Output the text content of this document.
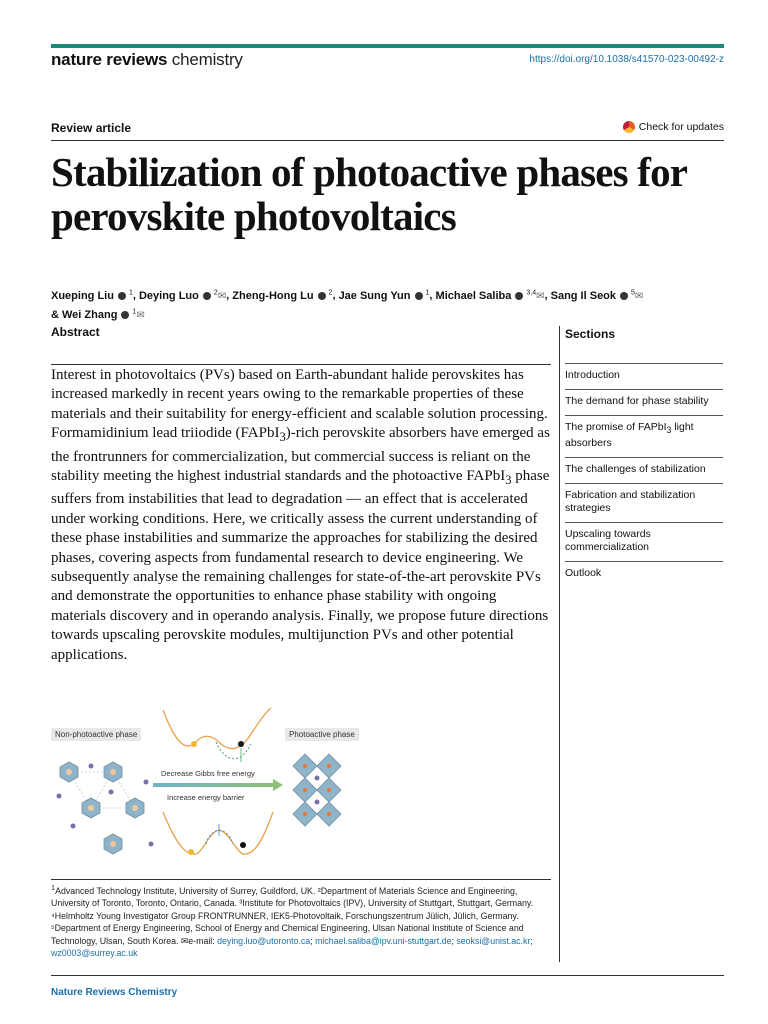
nature reviews chemistry	https://doi.org/10.1038/s41570-023-00492-z
Review article	Check for updates
Stabilization of photoactive phases for perovskite photovoltaics
Xueping Liu  $^1$, Deying Luo  $^2$✉, Zheng-Hong Lu  $^2$, Jae Sung Yun  $^1$, Michael Saliba  $^{3,4}$✉, Sang Il Seok  $^5$✉
& Wei Zhang  $^1$✉
Abstract

Interest in photovoltaics (PVs) based on Earth-abundant halide perovskites has increased markedly in recent years owing to the remarkable properties of these materials and their suitability for energy-efficient and scalable solution processing. Formamidinium lead triiodide (FAPbI$_3$)-rich perovskite absorbers have emerged as the frontrunners for commercialization, but commercial success is reliant on the stability meeting the highest industrial standards and the photoactive FAPbI$_3$ phase suffers from instabilities that lead to degradation — an effect that is accelerated under working conditions. Here, we critically assess the current understanding of these phase instabilities and summarize the approaches for stabilizing the desired phases, covering aspects from fundamental research to device engineering. We subsequently analyse the remaining challenges for state-of-the-art perovskite PVs and demonstrate the opportunities to enhance phase stability with ongoing materials discovery and in operando analysis. Finally, we propose future directions towards upscaling perovskite modules, multijunction PVs and other potential applications.

Sections
Introduction
The demand for phase stability
The promise of FAPbI$_3$ light absorbers
The challenges of stabilization
Fabrication and stabilization strategies
Upscaling towards commercialization
Outlook
Non-photoactive phase	Photoactive phase
Decrease Gibbs free energy
Increase energy barrier
$^1$Advanced Technology Institute, University of Surrey, Guildford, UK. ²Department of Materials Science and Engineering, University of Toronto, Toronto, Ontario, Canada. ³Institute for Photovoltaics (IPV), University of Stuttgart, Stuttgart, Germany. ⁴Helmholtz Young Investigator Group FRONTRUNNER, IEK5-Photovoltaik, Forschungszentrum Jülich, Jülich, Germany. ⁵Department of Energy Engineering, School of Energy and Chemical Engineering, Ulsan National Institute of Science and Technology, Ulsan, South Korea. ✉e-mail: deying.luo@utoronto.ca; michael.saliba@ipv.uni-stuttgart.de; seoksi@unist.ac.kr; wz0003@surrey.ac.uk
Nature Reviews Chemistry
